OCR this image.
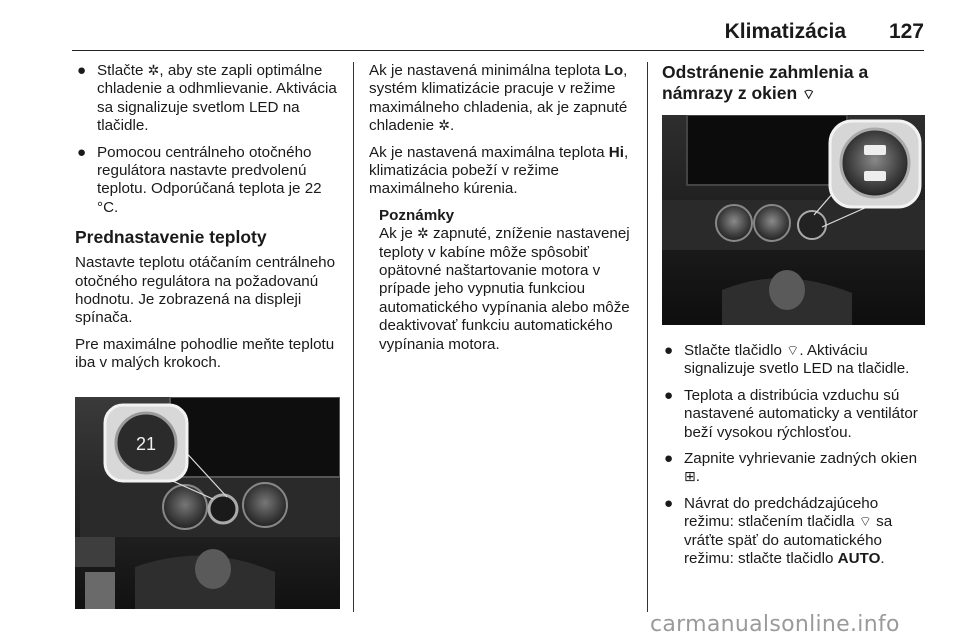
Klimatizácia 127
● Stlačte ✲, aby ste zapli optimálne chladenie a odhmlievanie. Aktivácia sa signalizuje svetlom LED na tlačidle.
● Pomocou centrálneho otočného regulátora nastavte predvolenú teplotu. Odporúčaná teplota je 22 °C.
Prednastavenie teploty

Nastavte teplotu otáčaním centrálneho otočného regulátora na požadovanú hodnotu. Je zobrazená na displeji spínača.

Pre maximálne pohodlie meňte teplotu iba v malých krokoch.

21

Ak je nastavená minimálna teplota Lo, systém klimatizácie pracuje v režime maximálneho chladenia, ak je zapnuté chladenie ✲.

Ak je nastavená maximálna teplota Hi, klimatizácia pobeží v režime maximálneho kúrenia.

Poznámky
Ak je ✲ zapnuté, zníženie nastavenej teploty v kabíne môže spôsobiť opätovné naštartovanie motora v prípade jeho vypnutia funkciou automatického vypínania alebo môže deaktivovať funkciu automatického vypínania motora.
Odstránenie zahmlenia a námrazy z okien ⌔
● Stlačte tlačidlo ⌔. Aktiváciu signalizuje svetlo LED na tlačidle.
● Teplota a distribúcia vzduchu sú nastavené automaticky a ventilátor beží vysokou rýchlosťou.
● Zapnite vyhrievanie zadných okien ⊞.
● Návrat do predchádzajúceho režimu: stlačením tlačidla ⌔ sa vráťte späť do automatického režimu: stlačte tlačidlo AUTO.
carmanualsonline.info
